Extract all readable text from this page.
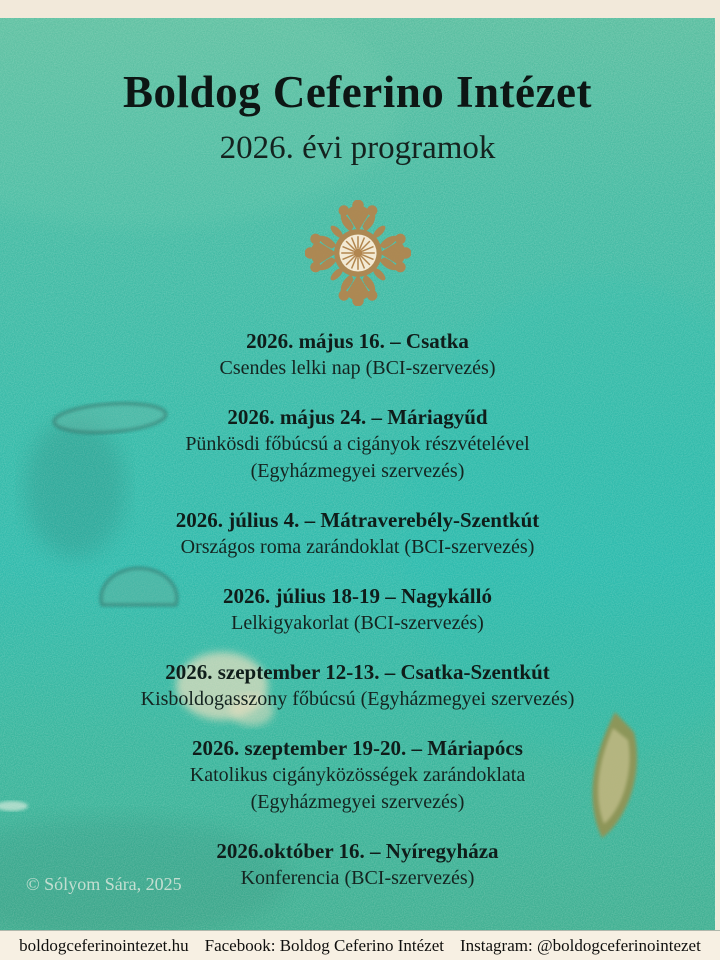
Boldog Ceferino Intézet
2026. évi programok
2026. május 16. – Csatka
Csendes lelki nap (BCI-szervezés)
2026. május 24. – Máriagyűd
Pünkösdi főbúcsú a cigányok részvételével
(Egyházmegyei szervezés)
2026. július 4. – Mátraverebély-Szentkút
Országos roma zarándoklat (BCI-szervezés)
2026. július 18-19 – Nagykálló
Lelkigyakorlat (BCI-szervezés)
2026. szeptember 12-13. – Csatka-Szentkút
Kisboldogasszony főbúcsú (Egyházmegyei szervezés)
2026. szeptember 19-20. – Máriapócs
Katolikus cigányközösségek zarándoklata
(Egyházmegyei szervezés)
2026.október 16. – Nyíregyháza
Konferencia (BCI-szervezés)
© Sólyom Sára, 2025
boldogceferinointezet.hu Facebook: Boldog Ceferino Intézet Instagram: @boldogceferinointezet
